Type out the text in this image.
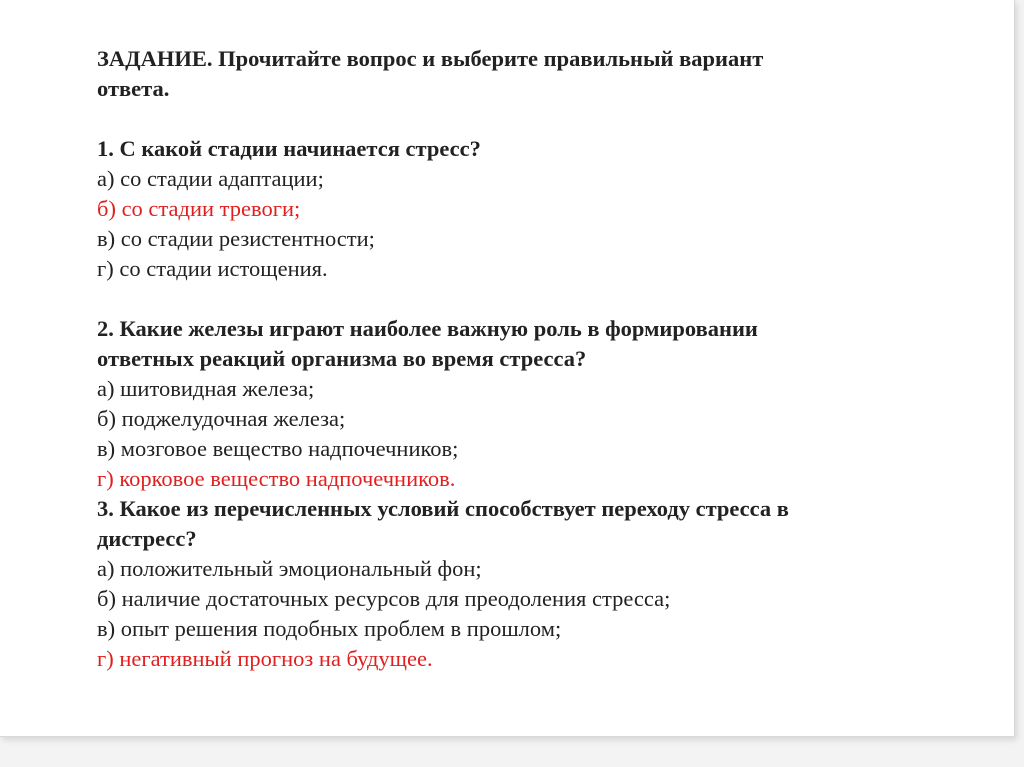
ЗАДАНИЕ. Прочитайте вопрос и выберите правильный вариант

ответа.

1. С какой стадии начинается стресс?

а) со стадии адаптации;

б) со стадии тревоги;

в) со стадии резистентности;

г) со стадии истощения.

2. Какие железы играют наиболее важную роль в формировании

ответных реакций организма во время стресса?

а) шитовидная железа;

б) поджелудочная железа;

в) мозговое вещество надпочечников;

г) корковое вещество надпочечников.

3. Какое из перечисленных условий способствует переходу стресса в

дистресс?

а) положительный эмоциональный фон;

б) наличие достаточных ресурсов для преодоления стресса;

в) опыт решения подобных проблем в прошлом;

г) негативный прогноз на будущее.
